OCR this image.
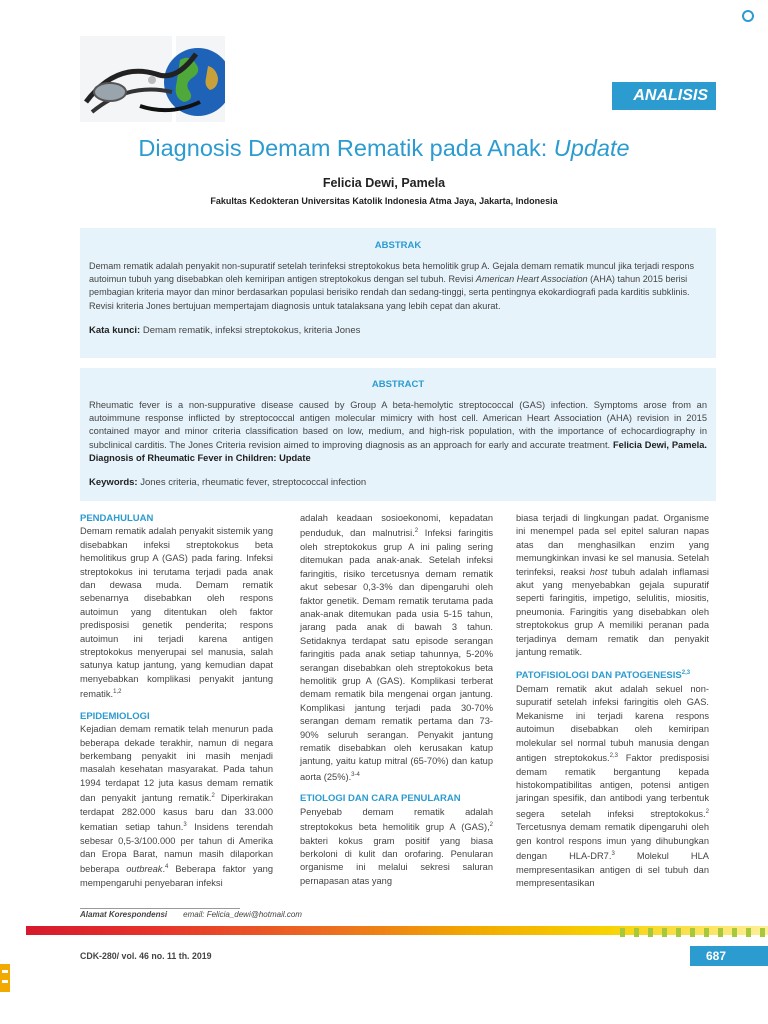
ANALISIS
Diagnosis Demam Rematik pada Anak: Update
Felicia Dewi, Pamela
Fakultas Kedokteran Universitas Katolik Indonesia Atma Jaya, Jakarta, Indonesia

ABSTRAK

Demam rematik adalah penyakit non-supuratif setelah terinfeksi streptokokus beta hemolitik grup A. Gejala demam rematik muncul jika terjadi respons autoimun tubuh yang disebabkan oleh kemiripan antigen streptokokus dengan sel tubuh. Revisi American Heart Association (AHA) tahun 2015 berisi pembagian kriteria mayor dan minor berdasarkan populasi berisiko rendah dan sedang-tinggi, serta pentingnya ekokardiografi pada karditis subklinis. Revisi kriteria Jones bertujuan mempertajam diagnosis untuk tatalaksana yang lebih cepat dan akurat.

Kata kunci: Demam rematik, infeksi streptokokus, kriteria Jones

ABSTRACT

Rheumatic fever is a non-suppurative disease caused by Group A beta-hemolytic streptococcal (GAS) infection. Symptoms arose from an autoimmune response inflicted by streptococcal antigen molecular mimicry with host cell. American Heart Association (AHA) revision in 2015 contained mayor and minor criteria classification based on low, medium, and high-risk population, with the importance of echocardiography in subclinical carditis. The Jones Criteria revision aimed to improving diagnosis as an approach for early and accurate treatment. Felicia Dewi, Pamela. Diagnosis of Rheumatic Fever in Children: Update

Keywords: Jones criteria, rheumatic fever, streptococcal infection

PENDAHULUAN

Demam rematik adalah penyakit sistemik yang disebabkan infeksi streptokokus beta hemolitikus grup A (GAS) pada faring. Infeksi streptokokus ini terutama terjadi pada anak dan dewasa muda. Demam rematik sebenarnya disebabkan oleh respons autoimun yang ditentukan oleh faktor predisposisi genetik penderita; respons autoimun ini terjadi karena antigen streptokokus menyerupai sel manusia, salah satunya katup jantung, yang kemudian dapat menyebabkan komplikasi penyakit jantung rematik.$^{1,2}$

EPIDEMIOLOGI

Kejadian demam rematik telah menurun pada beberapa dekade terakhir, namun di negara berkembang penyakit ini masih menjadi masalah kesehatan masyarakat. Pada tahun 1994 terdapat 12 juta kasus demam rematik dan penyakit jantung rematik.$^2$ Diperkirakan terdapat 282.000 kasus baru dan 33.000 kematian setiap tahun.$^3$ Insidens terendah sebesar 0,5-3/100.000 per tahun di Amerika dan Eropa Barat, namun masih dilaporkan beberapa outbreak.$^4$ Beberapa faktor yang mempengaruhi penyebaran infeksi

adalah keadaan sosioekonomi, kepadatan penduduk, dan malnutrisi.$^2$ Infeksi faringitis oleh streptokokus grup A ini paling sering ditemukan pada anak-anak. Setelah infeksi faringitis, risiko tercetusnya demam rematik akut sebesar 0,3-3% dan dipengaruhi oleh faktor genetik. Demam rematik terutama pada anak-anak ditemukan pada usia 5-15 tahun, jarang pada anak di bawah 3 tahun. Setidaknya terdapat satu episode serangan faringitis pada anak setiap tahunnya, 5-20% serangan disebabkan oleh streptokokus beta hemolitik grup A (GAS). Komplikasi terberat demam rematik bila mengenai organ jantung. Komplikasi jantung terjadi pada 30-70% serangan demam rematik pertama dan 73-90% seluruh serangan. Penyakit jantung rematik disebabkan oleh kerusakan katup jantung, yaitu katup mitral (65-70%) dan katup aorta (25%).$^{3-4}$

ETIOLOGI DAN CARA PENULARAN

Penyebab demam rematik adalah streptokokus beta hemolitik grup A (GAS),$^2$ bakteri kokus gram positif yang biasa berkoloni di kulit dan orofaring. Penularan organisme ini melalui sekresi saluran pernapasan atas yang

biasa terjadi di lingkungan padat. Organisme ini menempel pada sel epitel saluran napas atas dan menghasilkan enzim yang memungkinkan invasi ke sel manusia. Setelah terinfeksi, reaksi host tubuh adalah inflamasi akut yang menyebabkan gejala supuratif seperti faringitis, impetigo, selulitis, miositis, pneumonia. Faringitis yang disebabkan oleh streptokokus grup A memiliki peranan pada terjadinya demam rematik dan penyakit jantung rematik.

PATOFISIOLOGI DAN PATOGENESIS$^{2,3}$

Demam rematik akut adalah sekuel non-supuratif setelah infeksi faringitis oleh GAS. Mekanisme ini terjadi karena respons autoimun disebabkan oleh kemiripan molekular sel normal tubuh manusia dengan antigen streptokokus.$^{2,3}$ Faktor predisposisi demam rematik bergantung kepada histokompatibilitas antigen, potensi antigen jaringan spesifik, dan antibodi yang terbentuk segera setelah infeksi streptokokus.$^2$ Tercetusnya demam rematik dipengaruhi oleh gen kontrol respons imun yang dihubungkan dengan HLA-DR7.$^3$ Molekul HLA mempresentasikan antigen di sel tubuh dan mempresentasikan

Alamat Korespondensi email: Felicia_dewi@hotmail.com
CDK-280/ vol. 46 no. 11 th. 2019	687
